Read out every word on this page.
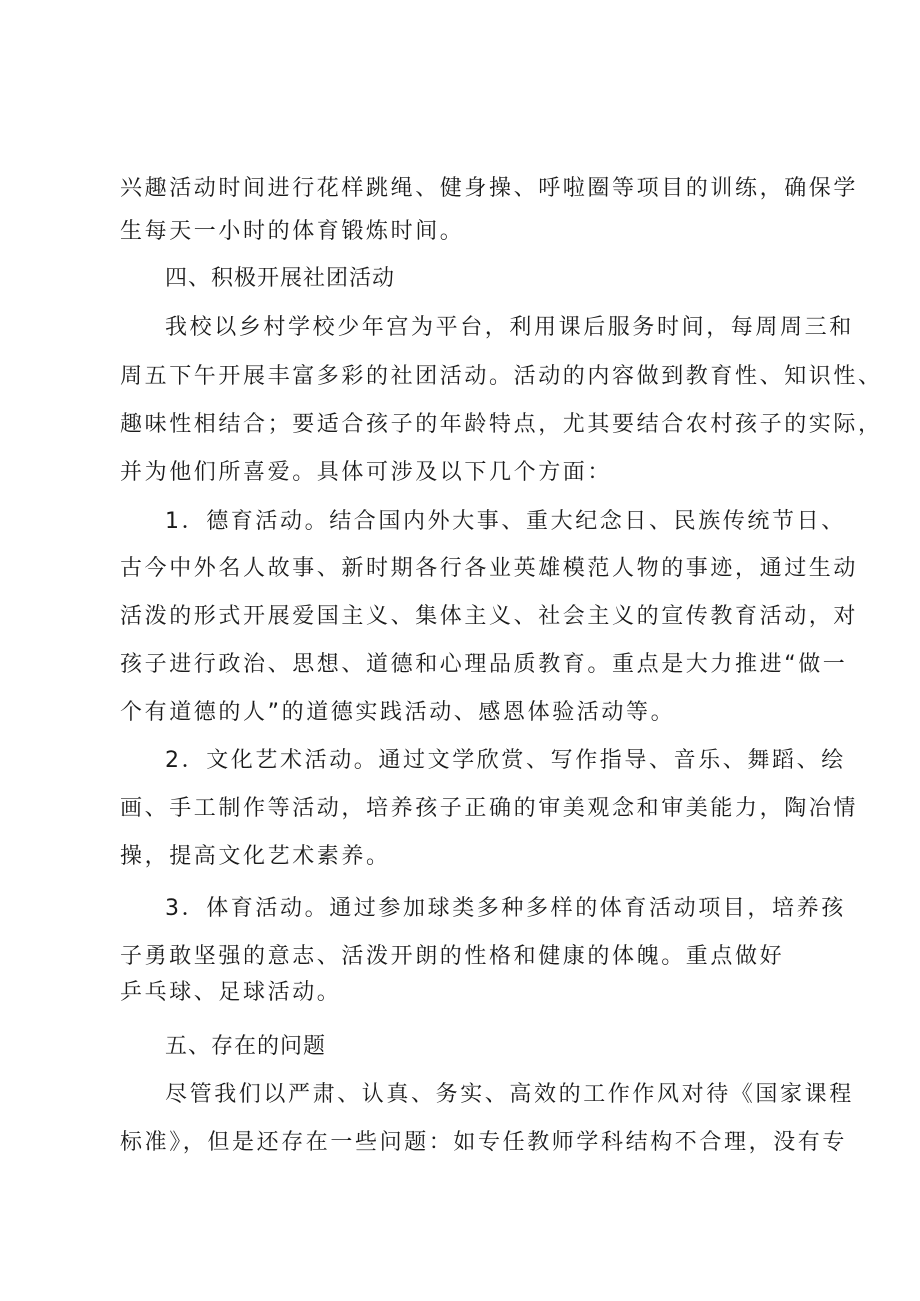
兴趣活动时间进行花样跳绳、健身操、呼啦圈等项目的训练，确保学
生每天一小时的体育锻炼时间。
四、积极开展社团活动
我校以乡村学校少年宫为平台，利用课后服务时间，每周周三和
周五下午开展丰富多彩的社团活动。活动的内容做到教育性、知识性、
趣味性相结合；要适合孩子的年龄特点，尤其要结合农村孩子的实际，
并为他们所喜爱。具体可涉及以下几个方面：
1．德育活动。结合国内外大事、重大纪念日、民族传统节日、
古今中外名人故事、新时期各行各业英雄模范人物的事迹，通过生动
活泼的形式开展爱国主义、集体主义、社会主义的宣传教育活动，对
孩子进行政治、思想、道德和心理品质教育。重点是大力推进“做一
个有道德的人”的道德实践活动、感恩体验活动等。
2．文化艺术活动。通过文学欣赏、写作指导、音乐、舞蹈、绘
画、手工制作等活动，培养孩子正确的审美观念和审美能力，陶冶情
操，提高文化艺术素养。
3．体育活动。通过参加球类多种多样的体育活动项目，培养孩
子勇敢坚强的意志、活泼开朗的性格和健康的体魄。重点做好
乒乓球、足球活动。
五、存在的问题
尽管我们以严肃、认真、务实、高效的工作作风对待《国家课程
标准》，但是还存在一些问题：如专任教师学科结构不合理，没有专
